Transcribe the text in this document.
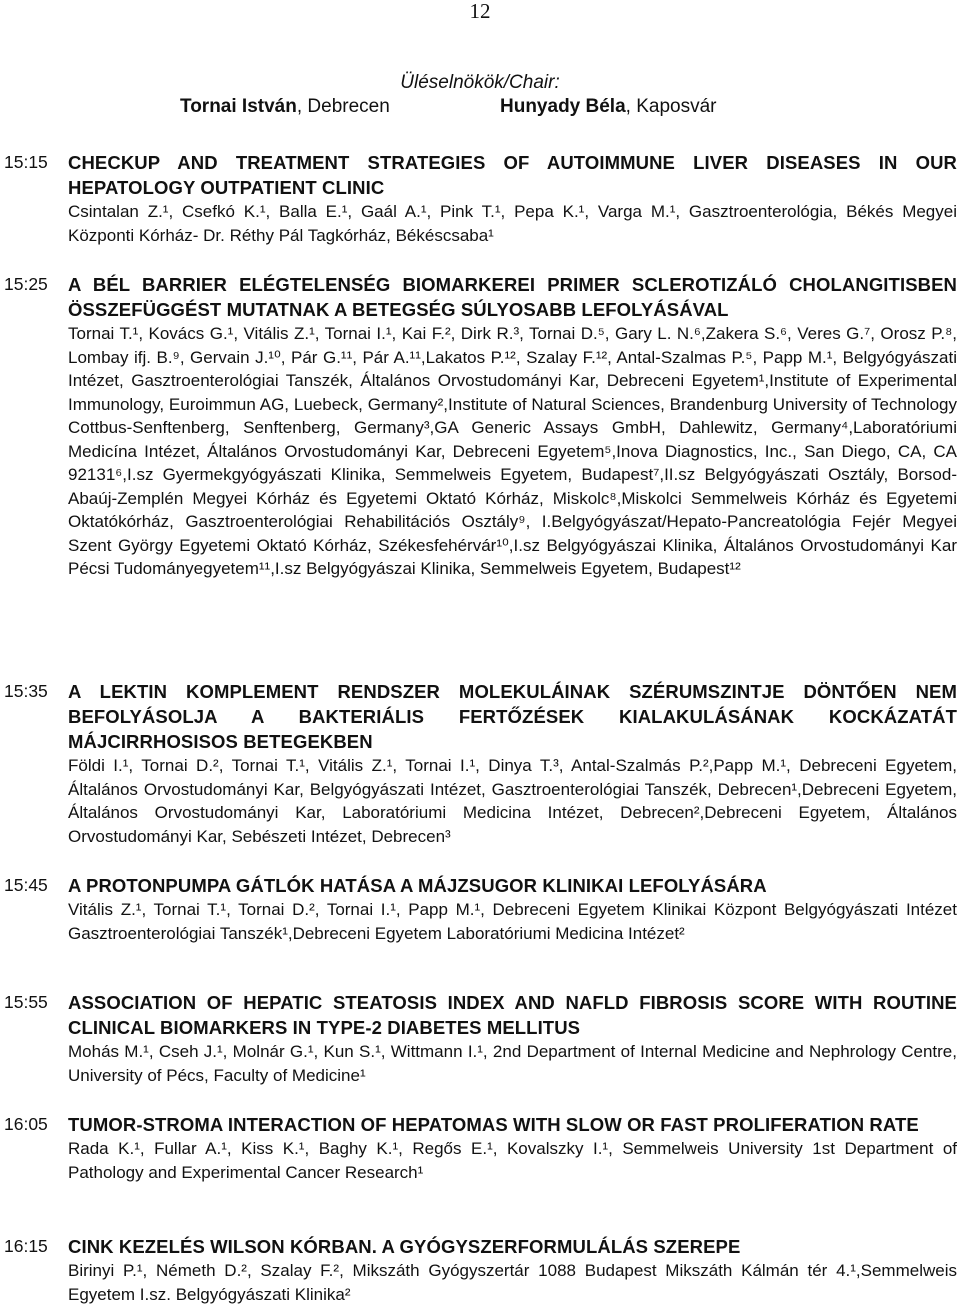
12
Üléselnökök/Chair:
Tornai István, Debrecen	Hunyady Béla, Kaposvár
15:15	CHECKUP AND TREATMENT STRATEGIES OF AUTOIMMUNE LIVER DISEASES IN OUR HEPATOLOGY OUTPATIENT CLINIC

Csintalan Z.¹, Csefkó K.¹, Balla E.¹, Gaál A.¹, Pink T.¹, Pepa K.¹, Varga M.¹, Gasztroenterológia, Békés Megyei Központi Kórház- Dr. Réthy Pál Tagkórház, Békéscsaba¹

15:25	A BÉL BARRIER ELÉGTELENSÉG BIOMARKEREI PRIMER SCLEROTIZÁLÓ CHOLANGITISBEN ÖSSZEFÜGGÉST MUTATNAK A BETEGSÉG SÚLYOSABB LEFOLYÁSÁVAL

Tornai T.¹, Kovács G.¹, Vitális Z.¹, Tornai I.¹, Kai F.², Dirk R.³, Tornai D.⁵, Gary L. N.⁶,Zakera S.⁶, Veres G.⁷, Orosz P.⁸, Lombay ifj. B.⁹, Gervain J.¹⁰, Pár G.¹¹, Pár A.¹¹,Lakatos P.¹², Szalay F.¹², Antal-Szalmas P.⁵, Papp M.¹, Belgyógyászati Intézet, Gasztroenterológiai Tanszék, Általános Orvostudományi Kar, Debreceni Egyetem¹,Institute of Experimental Immunology, Euroimmun AG, Luebeck, Germany²,Institute of Natural Sciences, Brandenburg University of Technology Cottbus-Senftenberg, Senftenberg, Germany³,GA Generic Assays GmbH, Dahlewitz, Germany⁴,Laboratóriumi Medicína Intézet, Általános Orvostudományi Kar, Debreceni Egyetem⁵,Inova Diagnostics, Inc., San Diego, CA, CA 92131⁶,I.sz Gyermekgyógyászati Klinika, Semmelweis Egyetem, Budapest⁷,II.sz Belgyógyászati Osztály, Borsod-Abaúj-Zemplén Megyei Kórház és Egyetemi Oktató Kórház, Miskolc⁸,Miskolci Semmelweis Kórház és Egyetemi Oktatókórház, Gasztroenterológiai Rehabilitációs Osztály⁹, I.Belgyógyászat/Hepato-Pancreatológia Fejér Megyei Szent György Egyetemi Oktató Kórház, Székesfehérvár¹⁰,I.sz Belgyógyászai Klinika, Általános Orvostudományi Kar Pécsi Tudományegyetem¹¹,I.sz Belgyógyászai Klinika, Semmelweis Egyetem, Budapest¹²

15:35	A LEKTIN KOMPLEMENT RENDSZER MOLEKULÁINAK SZÉRUMSZINTJE DÖNTŐEN NEM BEFOLYÁSOLJA A BAKTERIÁLIS FERTŐZÉSEK KIALAKULÁSÁNAK KOCKÁZATÁT MÁJCIRRHOSISOS BETEGEKBEN

Földi I.¹, Tornai D.², Tornai T.¹, Vitális Z.¹, Tornai I.¹, Dinya T.³, Antal-Szalmás P.²,Papp M.¹, Debreceni Egyetem, Általános Orvostudományi Kar, Belgyógyászati Intézet, Gasztroenterológiai Tanszék, Debrecen¹,Debreceni Egyetem, Általános Orvostudományi Kar, Laboratóriumi Medicina Intézet, Debrecen²,Debreceni Egyetem, Általános Orvostudományi Kar, Sebészeti Intézet, Debrecen³

15:45	A PROTONPUMPA GÁTLÓK HATÁSA A MÁJZSUGOR KLINIKAI LEFOLYÁSÁRA

Vitális Z.¹, Tornai T.¹, Tornai D.², Tornai I.¹, Papp M.¹, Debreceni Egyetem Klinikai Központ Belgyógyászati Intézet Gasztroenterológiai Tanszék¹,Debreceni Egyetem Laboratóriumi Medicina Intézet²

15:55	ASSOCIATION OF HEPATIC STEATOSIS INDEX AND NAFLD FIBROSIS SCORE WITH ROUTINE CLINICAL BIOMARKERS IN TYPE-2 DIABETES MELLITUS

Mohás M.¹, Cseh J.¹, Molnár G.¹, Kun S.¹, Wittmann I.¹, 2nd Department of Internal Medicine and Nephrology Centre, University of Pécs, Faculty of Medicine¹

16:05	TUMOR-STROMA INTERACTION OF HEPATOMAS WITH SLOW OR FAST PROLIFERATION RATE

Rada K.¹, Fullar A.¹, Kiss K.¹, Baghy K.¹, Regős E.¹, Kovalszky I.¹, Semmelweis University 1st Department of Pathology and Experimental Cancer Research¹

16:15	CINK KEZELÉS WILSON KÓRBAN. A GYÓGYSZERFORMULÁLÁS SZEREPE

Birinyi P.¹, Németh D.², Szalay F.², Mikszáth Gyógyszertár 1088 Budapest Mikszáth Kálmán tér 4.¹,Semmelweis Egyetem I.sz. Belgyógyászati Klinika²
